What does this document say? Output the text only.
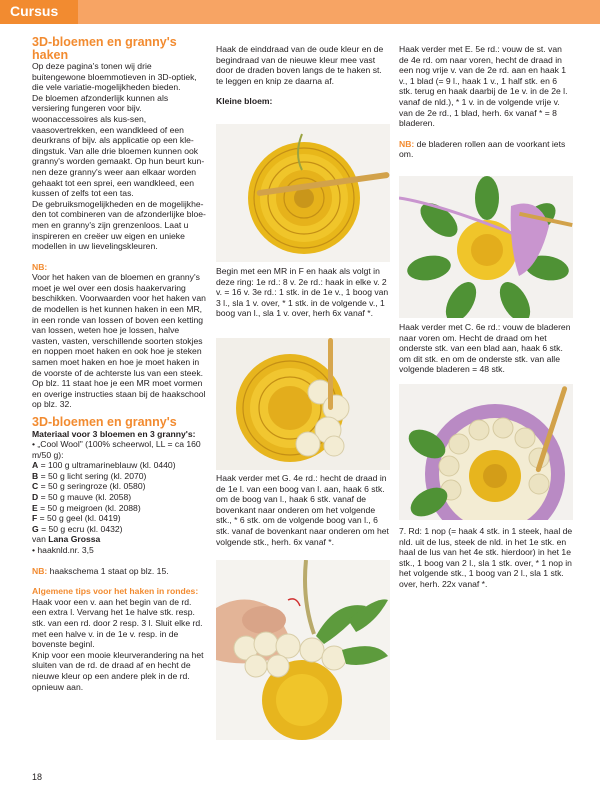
Cursus

3D-bloemen en granny's haken

Op deze pagina's tonen wij drie buitengewone bloemmotieven in 3D-optiek, die vele variatie-mogelijkheden bieden.

De bloemen afzonderlijk kunnen als versiering fungeren voor bijv. woonaccessoires als kus-sen, vaasovertrekken, een wandkleed of een deurkrans of bijv. als applicatie op een kle-dingstuk. Van alle drie bloemen kunnen ook granny's worden gemaakt. Op hun beurt kun-nen deze granny's weer aan elkaar worden gehaakt tot een sprei, een wandkleed, een kussen of zelfs tot een tas.

De gebruiksmogelijkheden en de mogelijkhe-den tot combineren van de afzonderlijke bloe-men en granny's zijn grenzenloos. Laat u inspireren en creëer uw eigen en unieke modellen in uw lievelingskleuren.

NB:

Voor het haken van de bloemen en granny's moet je wel over een dosis haakervaring beschikken. Voorwaarden voor het haken van de modellen is het kunnen haken in een MR, in een ronde van lossen of boven een ketting van lossen, weten hoe je lossen, halve vasten, vasten, verschillende soorten stokjes en noppen moet haken en ook hoe je steken samen moet haken en hoe je moet haken in de voorste of de achterste lus van een steek. Op blz. 11 staat hoe je een MR moet vormen en overige instructies staan bij de haakschool op blz. 32.

3D-bloemen en granny's

Materiaal voor 3 bloemen en 3 granny's:

• „Cool Wool" (100% scheerwol, LL = ca 160 m/50 g):

A = 100 g ultramarineblauw (kl. 0440)

B = 50 g licht sering (kl. 2070)

C = 50 g seringroze (kl. 0580)

D = 50 g mauve (kl. 2058)

E = 50 g meigroen (kl. 2088)

F = 50 g geel (kl. 0419)

G = 50 g ecru (kl. 0432)

van Lana Grossa

• haaknld.nr. 3,5

NB: haakschema 1 staat op blz. 15.

Algemene tips voor het haken in rondes:

Haak voor een v. aan het begin van de rd. een extra l. Vervang het 1e halve stk. resp. stk. van een rd. door 2 resp. 3 l. Sluit elke rd. met een halve v. in de 1e v. resp. in de bovenste beginl.

Knip voor een mooie kleurverandering na het sluiten van de rd. de draad af en hecht de nieuwe kleur op een andere plek in de rd. opnieuw aan.

Haak de einddraad van de oude kleur en de begindraad van de nieuwe kleur mee vast door de draden boven langs de te haken st. te leggen en knip ze daarna af.

Kleine bloem:

Begin met een MR in F en haak als volgt in deze ring: 1e rd.: 8 v. 2e rd.: haak in elke v. 2 v. = 16 v. 3e rd.: 1 stk. in de 1e v., 1 boog van 3 l., sla 1 v. over, * 1 stk. in de volgende v., 1 boog van l., sla 1 v. over, herh 6x vanaf *.
Haak verder met G. 4e rd.: hecht de draad in de 1e l. van een boog van l. aan, haak 6 stk. om de boog van l., haak 6 stk. vanaf de bovenkant naar onderen om het volgende stk., * 6 stk. om de volgende boog van l., 6 stk. vanaf de bovenkant naar onderen om het volgende stk., herh. 6x vanaf *.

Haak verder met E. 5e rd.: vouw de st. van de 4e rd. om naar voren, hecht de draad in een nog vrije v. van de 2e rd. aan en haak 1 v., 1 blad (= 9 l., haak 1 v., 1 half stk. en 6 stk. terug en haak daarbij de 1e v. in de 2e l. vanaf de nld.), * 1 v. in de volgende vrije v. van de 2e rd., 1 blad, herh. 6x vanaf * = 8 bladeren.

NB: de bladeren rollen aan de voorkant iets om.

Haak verder met C. 6e rd.: vouw de bladeren naar voren om. Hecht de draad om het onderste stk. van een blad aan, haak 6 stk. om dit stk. en om de onderste stk. van alle volgende bladeren = 48 stk.
7. Rd: 1 nop (= haak 4 stk. in 1 steek, haal de nld. uit de lus, steek de nld. in het 1e stk. en haal de lus van het 4e stk. hierdoor) in het 1e stk., 1 boog van 2 l., sla 1 stk. over, * 1 nop in het volgende stk., 1 boog van 2 l., sla 1 stk. over, herh. 22x vanaf *.
18
PassionForum.ru
